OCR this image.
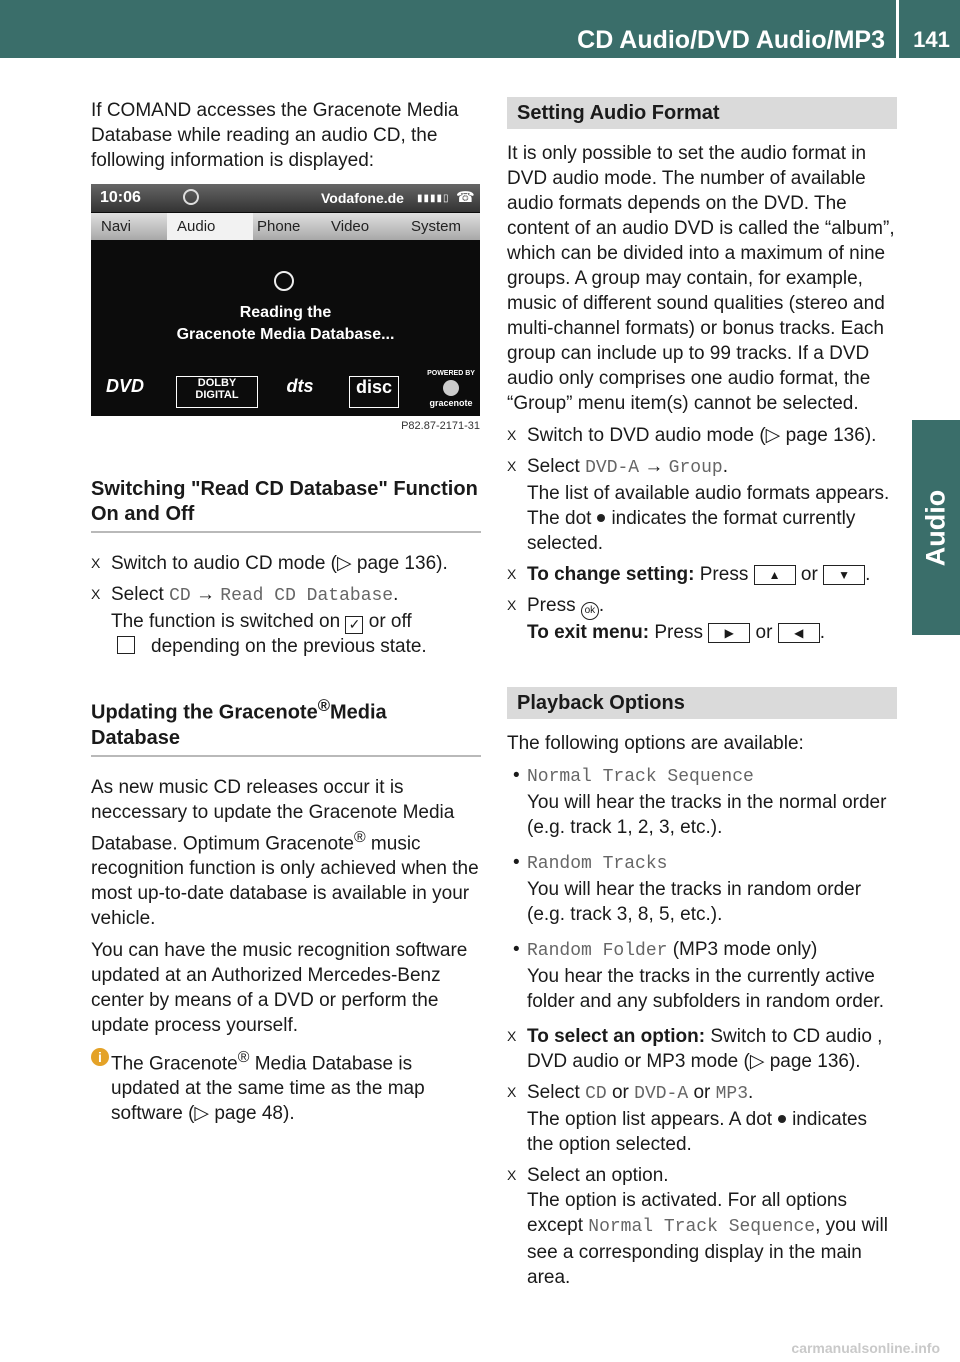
CD Audio/DVD Audio/MP3	141
Audio

If COMAND accesses the Gracenote Media Database while reading an audio CD, the following information is displayed:

10:06	Vodafone.de ▮▮▮▮▯ ☎
Navi	Audio	Phone Video	System
Reading the
Gracenote Media Database...
DVD	DOLBY DIGITAL	dts	disc
POWERED BY
gracenote
P82.87-2171-31
Switching "Read CD Database" Function On and Off
X Switch to audio CD mode (▷ page 136).
X Select CD → Read CD Database.
The function is switched on ✓ or off
depending on the previous state.
Updating the Gracenote®Media Database

As new music CD releases occur it is neccessary to update the Gracenote Media Database. Optimum Gracenote® music recognition function is only achieved when the most up-to-date database is available in your vehicle.

You can have the music recognition software updated at an Authorized Mercedes-Benz center by means of a DVD or perform the update process yourself.

i The Gracenote® Media Database is updated at the same time as the map software (▷ page 48).
Setting Audio Format

It is only possible to set the audio format in DVD audio mode. The number of available audio formats depends on the DVD. The content of an audio DVD is called the “album”, which can be divided into a maximum of nine groups. A group may contain, for example, music of different sound qualities (stereo and multi-channel formats) or bonus tracks. Each group can include up to 99 tracks. If a DVD audio only comprises one audio format, the “Group” menu item(s) cannot be selected.

X Switch to DVD audio mode (▷ page 136).
X Select DVD-A → Group.
The list of available audio formats appears. The dot indicates the format currently selected.
X To change setting: Press ▲ or ▼ .
X Press ok .
To exit menu: Press ▶ or ◀ .
Playback Options

The following options are available:

• Normal Track Sequence
You will hear the tracks in the normal order (e.g. track 1, 2, 3, etc.).
• Random Tracks
You will hear the tracks in random order (e.g. track 3, 8, 5, etc.).
• Random Folder (MP3 mode only)
You hear the tracks in the currently active folder and any subfolders in random order.
X To select an option: Switch to CD audio , DVD audio or MP3 mode (▷ page 136).
X Select CD or DVD-A or MP3.
The option list appears. A dot indicates the option selected.
X Select an option.
The option is activated. For all options except Normal Track Sequence, you will see a corresponding display in the main area.
carmanualsonline.info
